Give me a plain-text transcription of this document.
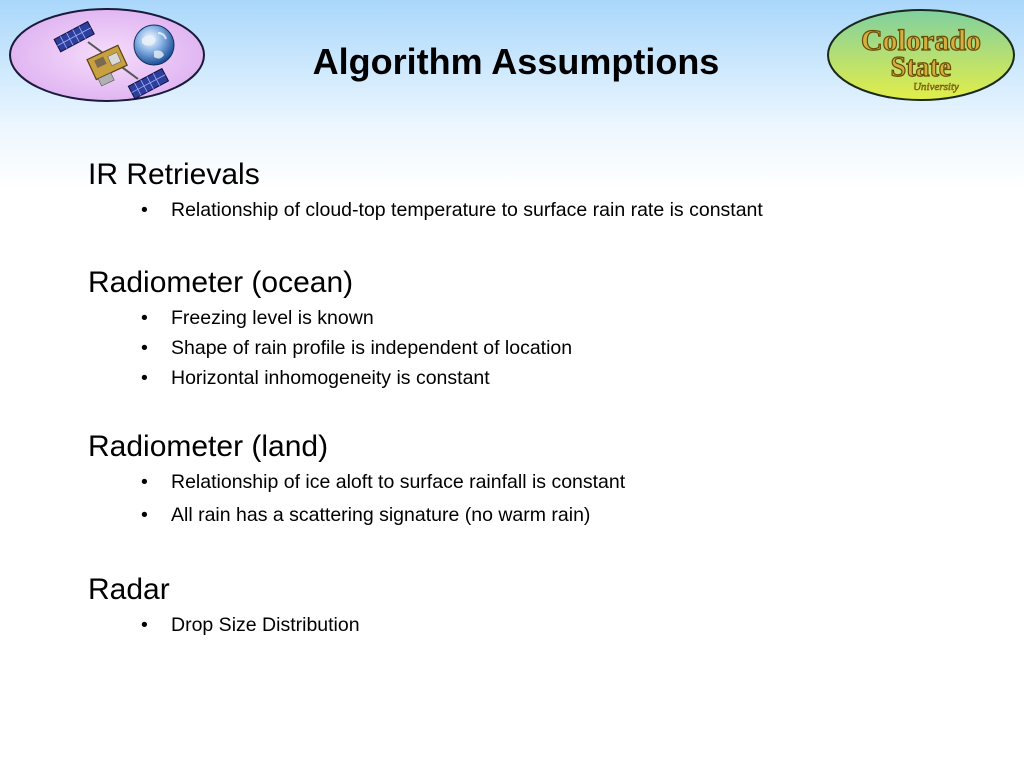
Algorithm Assumptions
Colorado
State
University
IR Retrievals
• Relationship of cloud-top temperature to surface rain rate is constant
Radiometer (ocean)
• Freezing level is known
• Shape of rain profile is independent of location
• Horizontal inhomogeneity is constant
Radiometer (land)
• Relationship of ice aloft to surface rainfall is constant
• All rain has a scattering signature (no warm rain)
Radar
• Drop Size Distribution
